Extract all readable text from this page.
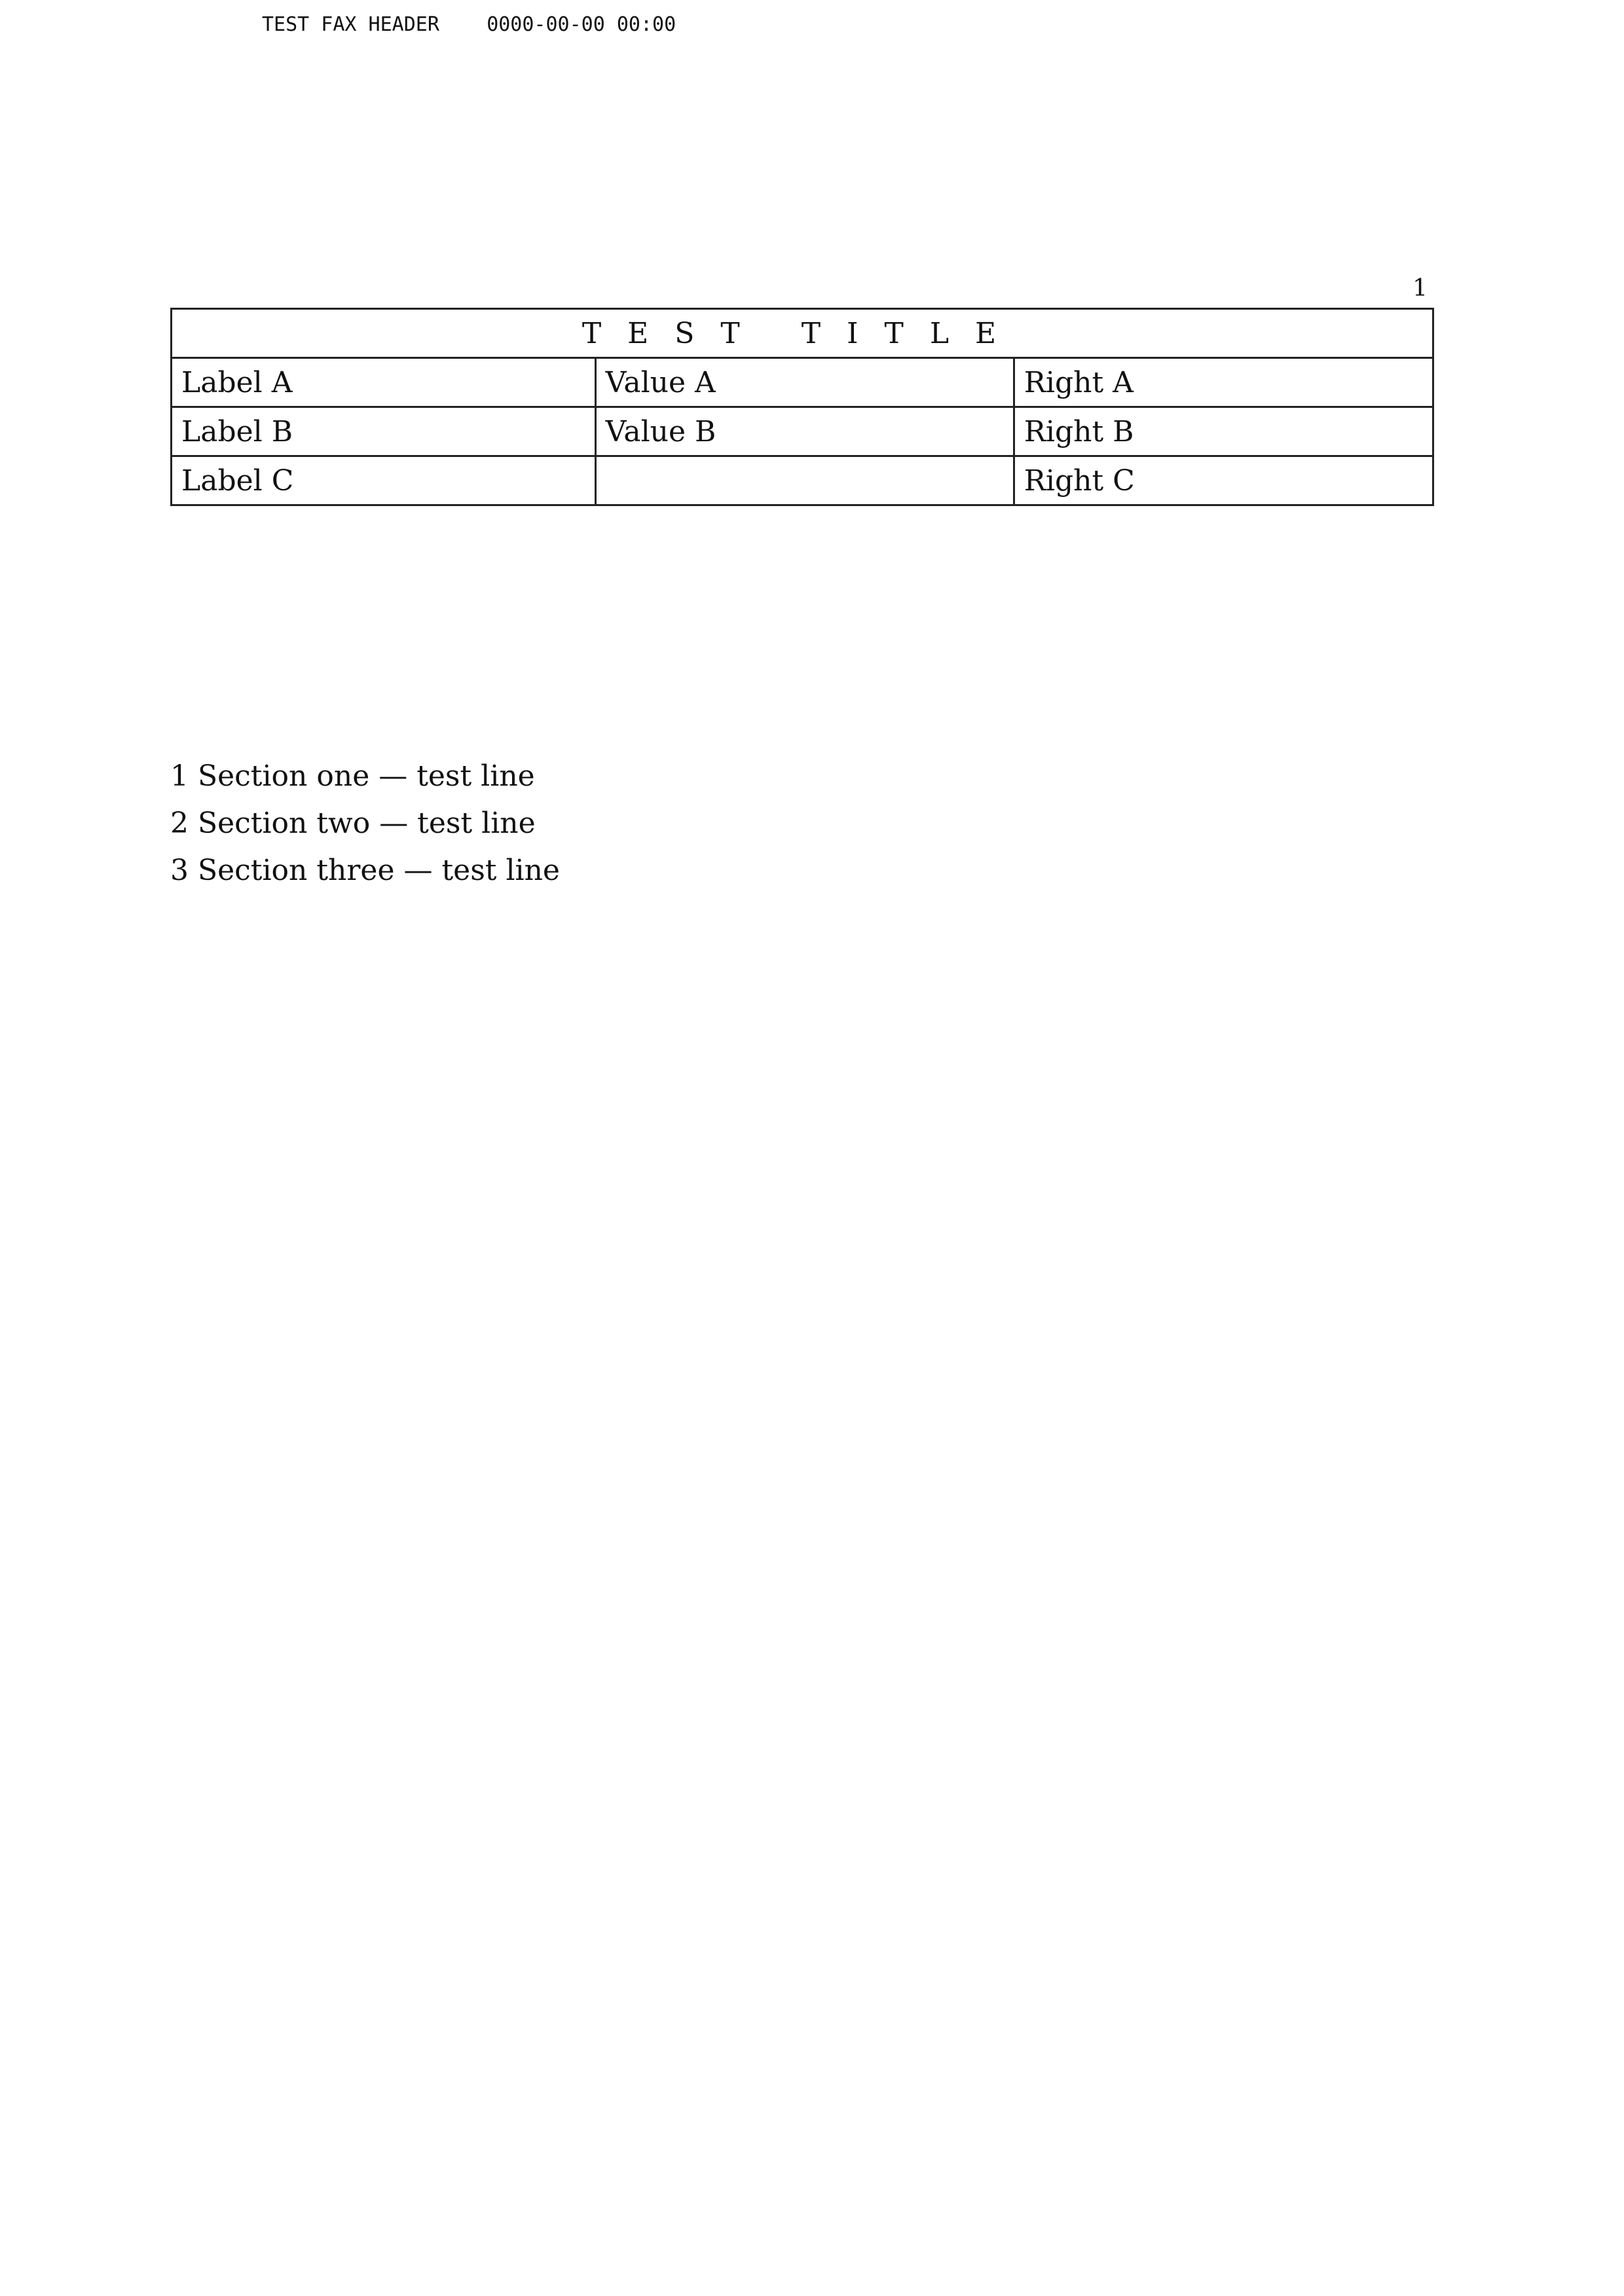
TEST FAX HEADER 0000-00-00 00:00
1
TEST TITLE		
Label A	Value A	Right A
Label B	Value B	Right B
Label C		Right C

1 Section one — test line

2 Section two — test line

3 Section three — test line
